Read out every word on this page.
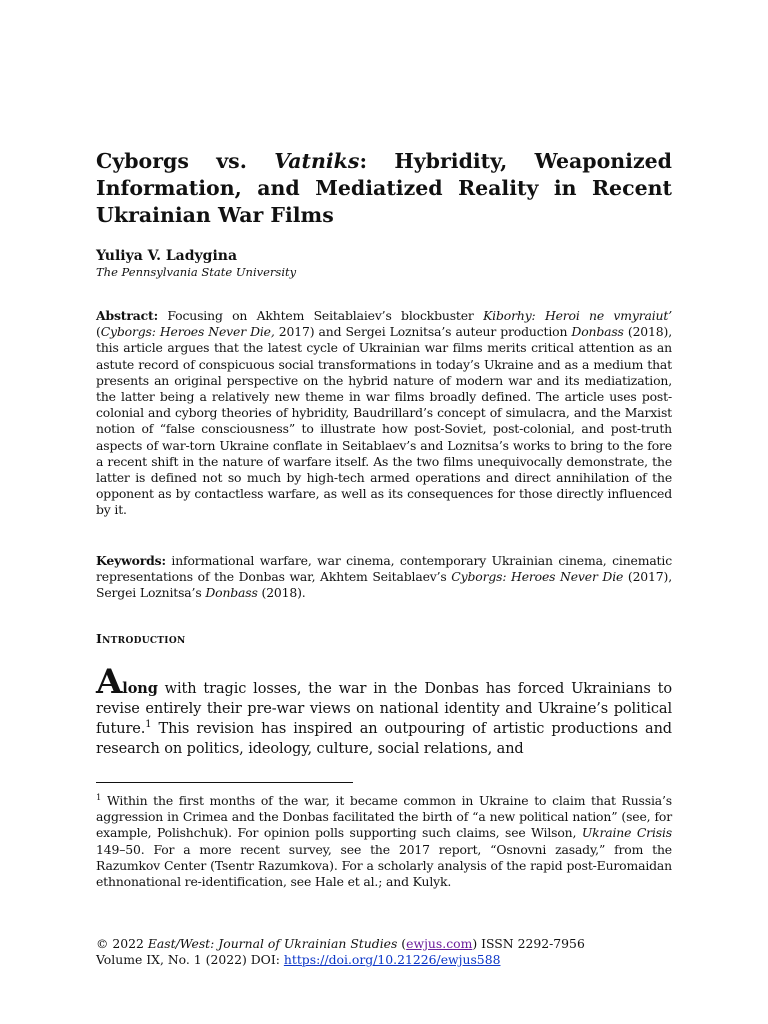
Cyborgs vs. Vatniks: Hybridity, Weaponized Information, and Mediatized Reality in Recent Ukrainian War Films

Yuliya V. Ladygina

The Pennsylvania State University

Abstract: Focusing on Akhtem Seitablaiev’s blockbuster Kiborhy: Heroi ne vmyraiut’ (Cyborgs: Heroes Never Die, 2017) and Sergei Loznitsa’s auteur production Donbass (2018), this article argues that the latest cycle of Ukrainian war films merits critical attention as an astute record of conspicuous social transformations in today’s Ukraine and as a medium that presents an original perspective on the hybrid nature of modern war and its mediatization, the latter being a relatively new theme in war films broadly defined. The article uses post-colonial and cyborg theories of hybridity, Baudrillard’s concept of simulacra, and the Marxist notion of “false consciousness” to illustrate how post-Soviet, post-colonial, and post-truth aspects of war-torn Ukraine conflate in Seitablaev’s and Loznitsa’s works to bring to the fore a recent shift in the nature of warfare itself. As the two films unequivocally demonstrate, the latter is defined not so much by high-tech armed operations and direct annihilation of the opponent as by contactless warfare, as well as its consequences for those directly influenced by it.

Keywords: informational warfare, war cinema, contemporary Ukrainian cinema, cinematic representations of the Donbas war, Akhtem Seitablaev’s Cyborgs: Heroes Never Die (2017), Sergei Loznitsa’s Donbass (2018).

Introduction

Along with tragic losses, the war in the Donbas has forced Ukrainians to revise entirely their pre-war views on national identity and Ukraine’s political future.$^1$ This revision has inspired an outpouring of artistic productions and research on politics, ideology, culture, social relations, and

$^1$ Within the first months of the war, it became common in Ukraine to claim that Russia’s aggression in Crimea and the Donbas facilitated the birth of “a new political nation” (see, for example, Polishchuk). For opinion polls supporting such claims, see Wilson, Ukraine Crisis 149–50. For a more recent survey, see the 2017 report, “Osnovni zasady,” from the Razumkov Center (Tsentr Razumkova). For a scholarly analysis of the rapid post-Euromaidan ethnonational re-identification, see Hale et al.; and Kulyk.

© 2022 East/West: Journal of Ukrainian Studies (ewjus.com) ISSN 2292-7956
Volume IX, No. 1 (2022) DOI: https://doi.org/10.21226/ewjus588
